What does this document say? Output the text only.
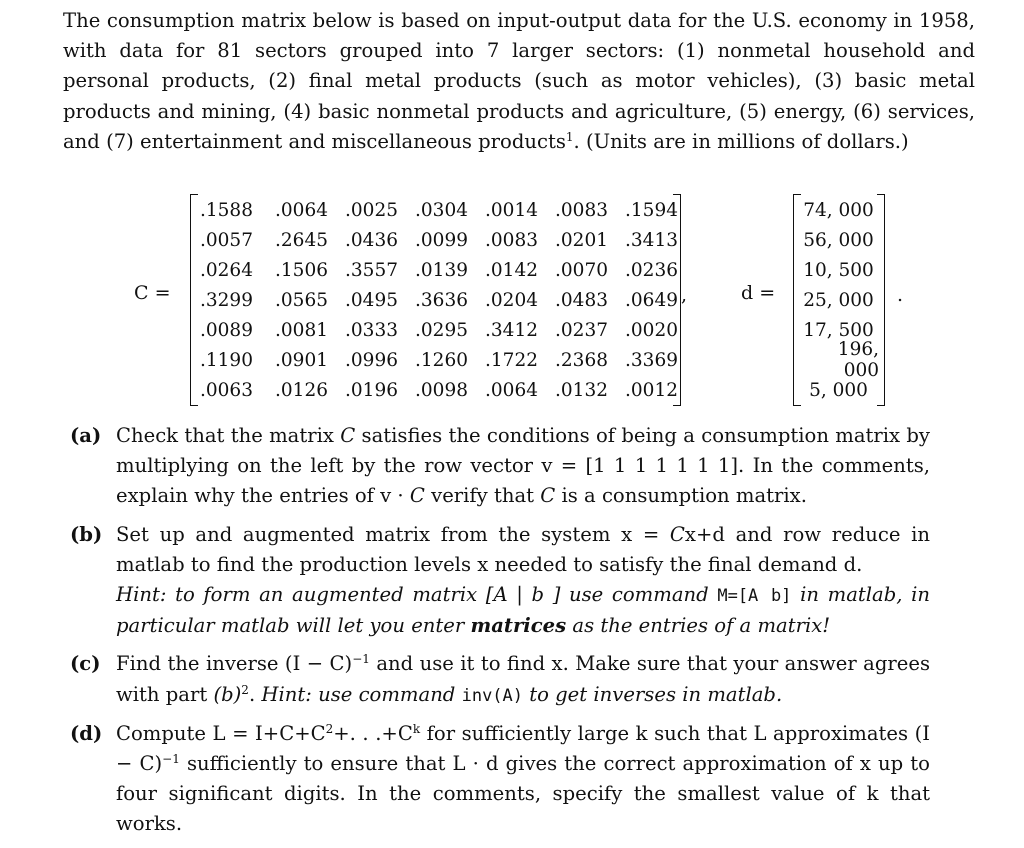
The consumption matrix below is based on input-output data for the U.S. economy in 1958, with data for 81 sectors grouped into 7 larger sectors: (1) nonmetal household and personal products, (2) final metal products (such as motor vehicles), (3) basic metal products and mining, (4) basic nonmetal products and agriculture, (5) energy, (6) services, and (7) entertainment and miscellaneous products$^1$. (Units are in millions of dollars.)
C =
.1588	.0064 .0025 .0304 .0014 .0083 .1594
.0057	.2645 .0436 .0099 .0083 .0201 .3413
.0264	.1506 .3557 .0139 .0142 .0070 .0236
.3299	.0565 .0495 .3636 .0204 .0483 .0649
.0089	.0081 .0333 .0295 .3412 .0237 .0020
.1190	.0901 .0996 .1260 .1722 .2368 .3369
.0063	.0126 .0196 .0098 .0064 .0132 .0012
,	d =
74, 000
56, 000
10, 500
25, 000
17, 500
196, 000
5, 000
.
(a) Check that the matrix C satisfies the conditions of being a consumption matrix by multiplying on the left by the row vector v = [1 1 1 1 1 1 1]. In the comments, explain why the entries of v · C verify that C is a consumption matrix.
(b) Set up and augmented matrix from the system x = Cx+d and row reduce in matlab to find the production levels x needed to satisfy the final demand d.
Hint: to form an augmented matrix [A | b ] use command M=[A b] in matlab, in particular matlab will let you enter matrices as the entries of a matrix!
(c) Find the inverse $(I - C)^{-1}$ and use it to find x. Make sure that your answer agrees with part $(b)^2$. Hint: use command inv(A) to get inverses in matlab.
(d) Compute $L = I+C+C^2+$. . $.+C^k$ for sufficiently large k such that L approximates $(I - C)^{-1}$ sufficiently to ensure that L · d gives the correct approximation of x up to four significant digits. In the comments, specify the smallest value of k that works.
